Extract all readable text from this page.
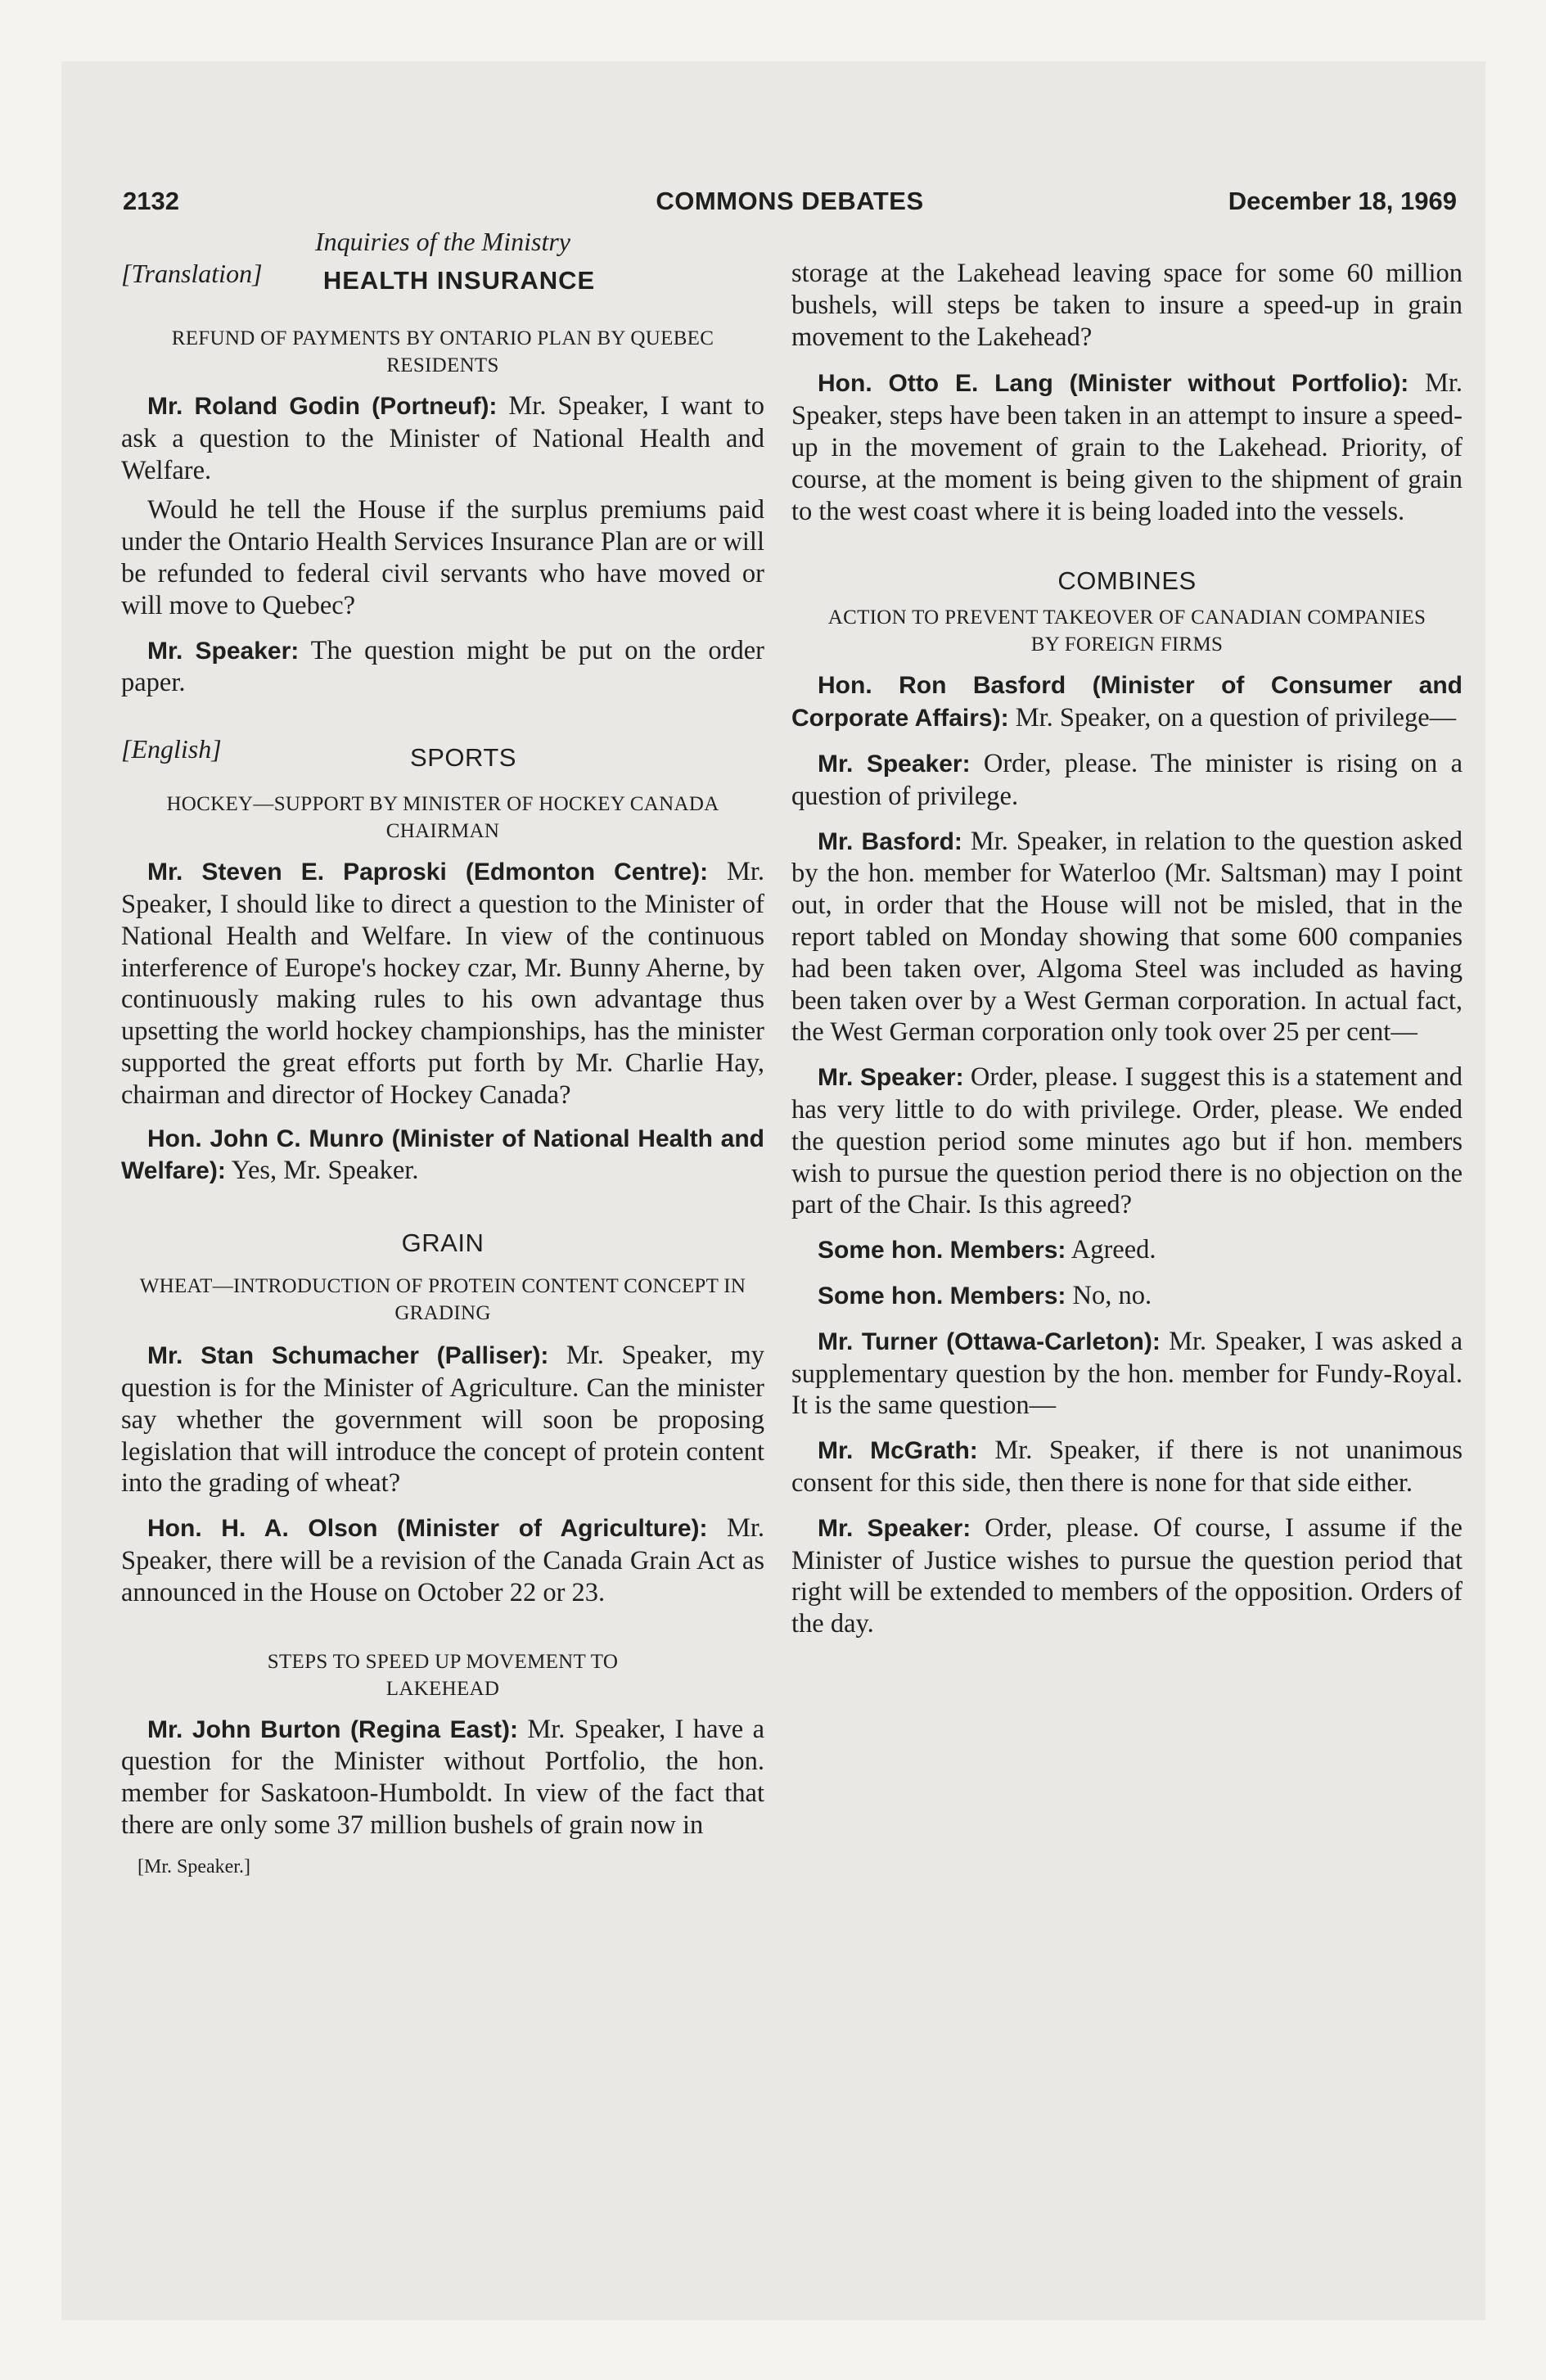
2132	COMMONS DEBATES	December 18, 1969

Inquiries of the Ministry

[Translation]	HEALTH INSURANCE

REFUND OF PAYMENTS BY ONTARIO PLAN BY QUEBEC RESIDENTS

Mr. Roland Godin (Portneuf): Mr. Speaker, I want to ask a question to the Minister of National Health and Welfare.

Would he tell the House if the surplus premiums paid under the Ontario Health Services Insurance Plan are or will be refunded to federal civil servants who have moved or will move to Quebec?

Mr. Speaker: The question might be put on the order paper.

[English]	SPORTS

HOCKEY—SUPPORT BY MINISTER OF HOCKEY CANADA CHAIRMAN

Mr. Steven E. Paproski (Edmonton Centre): Mr. Speaker, I should like to direct a question to the Minister of National Health and Welfare. In view of the continuous interference of Europe's hockey czar, Mr. Bunny Aherne, by continuously making rules to his own advantage thus upsetting the world hockey championships, has the minister supported the great efforts put forth by Mr. Charlie Hay, chairman and director of Hockey Canada?

Hon. John C. Munro (Minister of National Health and Welfare): Yes, Mr. Speaker.

GRAIN

WHEAT—INTRODUCTION OF PROTEIN CONTENT CONCEPT IN GRADING

Mr. Stan Schumacher (Palliser): Mr. Speaker, my question is for the Minister of Agriculture. Can the minister say whether the government will soon be proposing legislation that will introduce the concept of protein content into the grading of wheat?

Hon. H. A. Olson (Minister of Agriculture): Mr. Speaker, there will be a revision of the Canada Grain Act as announced in the House on October 22 or 23.

STEPS TO SPEED UP MOVEMENT TO LAKEHEAD

Mr. John Burton (Regina East): Mr. Speaker, I have a question for the Minister without Portfolio, the hon. member for Saskatoon-Humboldt. In view of the fact that there are only some 37 million bushels of grain now in

[Mr. Speaker.]

storage at the Lakehead leaving space for some 60 million bushels, will steps be taken to insure a speed-up in grain movement to the Lakehead?

Hon. Otto E. Lang (Minister without Portfolio): Mr. Speaker, steps have been taken in an attempt to insure a speed-up in the movement of grain to the Lakehead. Priority, of course, at the moment is being given to the shipment of grain to the west coast where it is being loaded into the vessels.

COMBINES

ACTION TO PREVENT TAKEOVER OF CANADIAN COMPANIES BY FOREIGN FIRMS

Hon. Ron Basford (Minister of Consumer and Corporate Affairs): Mr. Speaker, on a question of privilege—

Mr. Speaker: Order, please. The minister is rising on a question of privilege.

Mr. Basford: Mr. Speaker, in relation to the question asked by the hon. member for Waterloo (Mr. Saltsman) may I point out, in order that the House will not be misled, that in the report tabled on Monday showing that some 600 companies had been taken over, Algoma Steel was included as having been taken over by a West German corporation. In actual fact, the West German corporation only took over 25 per cent—

Mr. Speaker: Order, please. I suggest this is a statement and has very little to do with privilege. Order, please. We ended the question period some minutes ago but if hon. members wish to pursue the question period there is no objection on the part of the Chair. Is this agreed?

Some hon. Members: Agreed.

Some hon. Members: No, no.

Mr. Turner (Ottawa-Carleton): Mr. Speaker, I was asked a supplementary question by the hon. member for Fundy-Royal. It is the same question—

Mr. McGrath: Mr. Speaker, if there is not unanimous consent for this side, then there is none for that side either.

Mr. Speaker: Order, please. Of course, I assume if the Minister of Justice wishes to pursue the question period that right will be extended to members of the opposition. Orders of the day.
